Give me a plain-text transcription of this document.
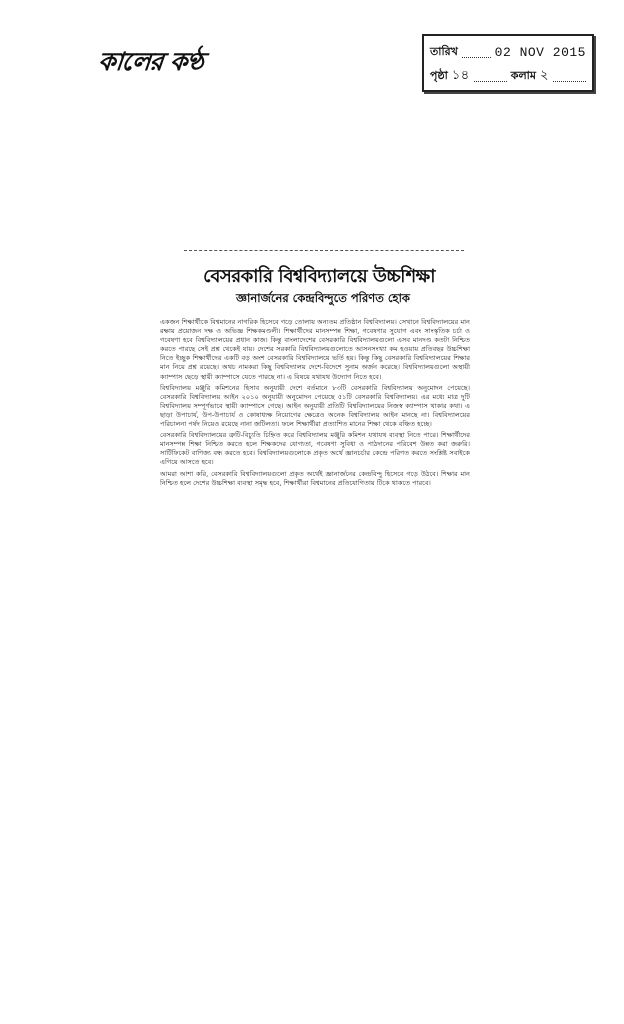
কালের কণ্ঠ	তারিখ	02 NOV 2015
পৃষ্ঠা ১৪	কলাম ২
বেসরকারি বিশ্ববিদ্যালয়ে উচ্চশিক্ষা
জ্ঞানার্জনের কেন্দ্রবিন্দুতে পরিণত হোক

একজন শিক্ষার্থীকে বিশ্বমানের নাগরিক হিসেবে গড়ে তোলায় অন্যতম প্রতিষ্ঠান বিশ্ববিদ্যালয়। সেখানে বিশ্ববিদ্যালয়ের মান রক্ষায় প্রয়োজন দক্ষ ও অভিজ্ঞ শিক্ষকমণ্ডলী। শিক্ষার্থীদের মানসম্পন্ন শিক্ষা, গবেষণার সুযোগ এবং সাংস্কৃতিক চর্চা ও গবেষণা হবে বিশ্ববিদ্যালয়ের প্রধান কাজ। কিন্তু বাংলাদেশের বেসরকারি বিশ্ববিদ্যালয়গুলো এসব মানদণ্ড কতটা নিশ্চিত করতে পারছে সেই প্রশ্ন থেকেই যায়। দেশের সরকারি বিশ্ববিদ্যালয়গুলোতে আসনসংখ্যা কম হওয়ায় প্রতিবছর উচ্চশিক্ষা নিতে ইচ্ছুক শিক্ষার্থীদের একটি বড় অংশ বেসরকারি বিশ্ববিদ্যালয়ে ভর্তি হয়। কিন্তু কিছু বেসরকারি বিশ্ববিদ্যালয়ের শিক্ষার মান নিয়ে প্রশ্ন রয়েছে। অথচ নামকরা কিছু বিশ্ববিদ্যালয় দেশে-বিদেশে সুনাম অর্জন করেছে। বিশ্ববিদ্যালয়গুলো অস্থায়ী ক্যাম্পাস ছেড়ে স্থায়ী ক্যাম্পাসে যেতে পারছে না। এ বিষয়ে যথাযথ উদ্যোগ নিতে হবে।

বিশ্ববিদ্যালয় মঞ্জুরি কমিশনের হিসাব অনুযায়ী দেশে বর্তমানে ৮৩টি বেসরকারি বিশ্ববিদ্যালয় অনুমোদন পেয়েছে। বেসরকারি বিশ্ববিদ্যালয় আইন ২০১০ অনুযায়ী অনুমোদন পেয়েছে ৫১টি বেসরকারি বিশ্ববিদ্যালয়। এর মধ্যে মাত্র দুটি বিশ্ববিদ্যালয় সম্পূর্ণভাবে স্থায়ী ক্যাম্পাসে গেছে। আইন অনুযায়ী প্রতিটি বিশ্ববিদ্যালয়ের নিজস্ব ক্যাম্পাস থাকার কথা। এ ছাড়া উপাচার্য, উপ-উপাচার্য ও কোষাধ্যক্ষ নিয়োগের ক্ষেত্রেও অনেক বিশ্ববিদ্যালয় আইন মানছে না। বিশ্ববিদ্যালয়ের পরিচালনা পর্ষদ নিয়েও রয়েছে নানা জটিলতা। ফলে শিক্ষার্থীরা প্রত্যাশিত মানের শিক্ষা থেকে বঞ্চিত হচ্ছে।

বেসরকারি বিশ্ববিদ্যালয়ের ত্রুটি-বিচ্যুতি চিহ্নিত করে বিশ্ববিদ্যালয় মঞ্জুরি কমিশন যথাযথ ব্যবস্থা নিতে পারে। শিক্ষার্থীদের মানসম্পন্ন শিক্ষা নিশ্চিত করতে হলে শিক্ষকদের যোগ্যতা, গবেষণা সুবিধা ও পাঠদানের পরিবেশ উন্নত করা জরুরি। সার্টিফিকেট বাণিজ্য বন্ধ করতে হবে। বিশ্ববিদ্যালয়গুলোকে প্রকৃত অর্থে জ্ঞানচর্চার কেন্দ্রে পরিণত করতে সংশ্লিষ্ট সবাইকে এগিয়ে আসতে হবে।

আমরা আশা করি, বেসরকারি বিশ্ববিদ্যালয়গুলো প্রকৃত অর্থেই জ্ঞানার্জনের কেন্দ্রবিন্দু হিসেবে গড়ে উঠবে। শিক্ষার মান নিশ্চিত হলে দেশের উচ্চশিক্ষা ব্যবস্থা সমৃদ্ধ হবে, শিক্ষার্থীরা বিশ্বমানের প্রতিযোগিতায় টিকে থাকতে পারবে।
